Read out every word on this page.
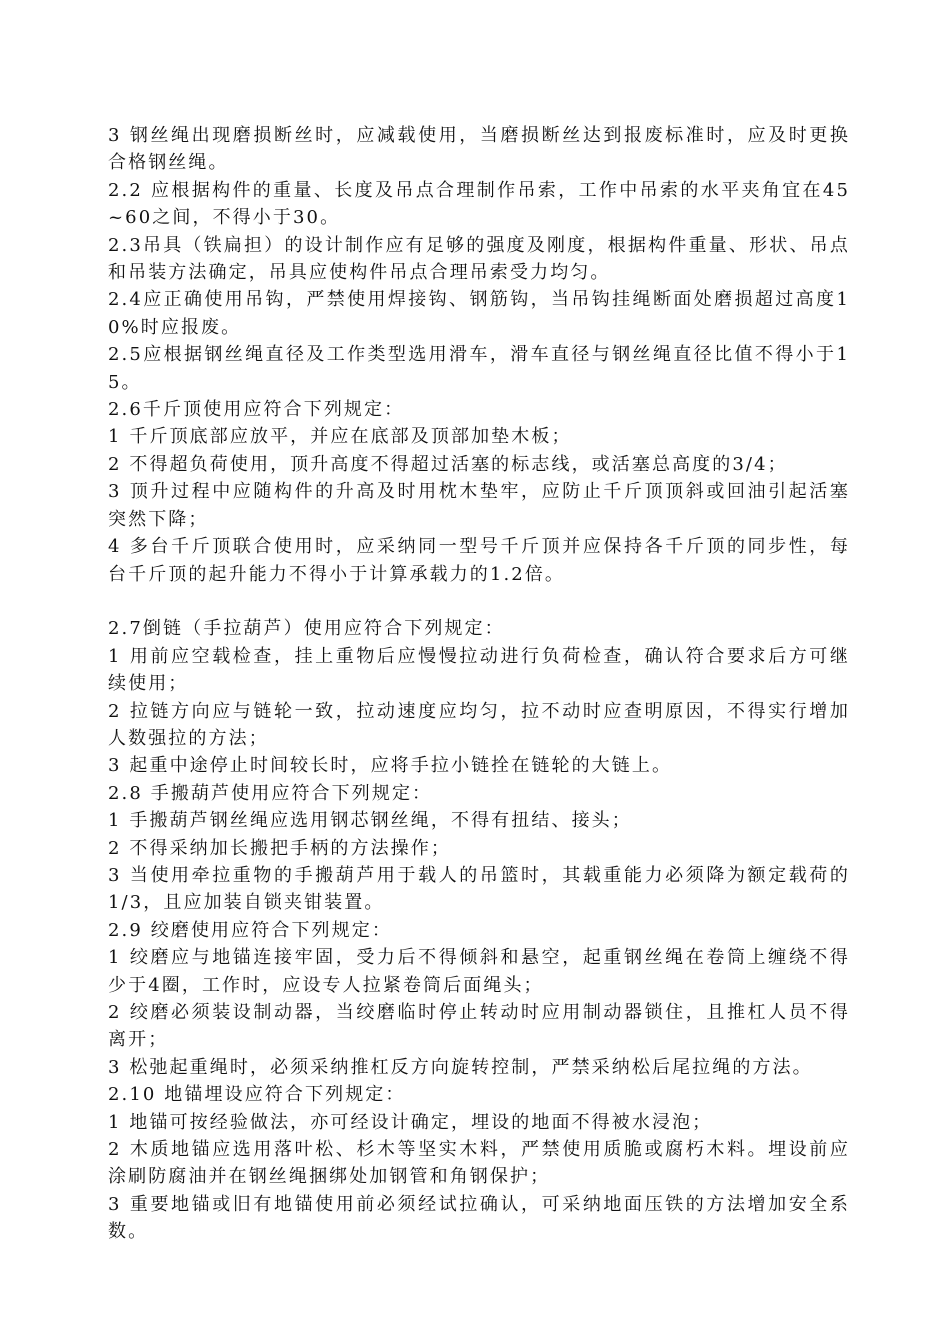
3 钢丝绳出现磨损断丝时，应减载使用，当磨损断丝达到报废标准时，应及时更换合格钢丝绳。

2.2 应根据构件的重量、长度及吊点合理制作吊索，工作中吊索的水平夹角宜在45~60之间，不得小于30。

2.3吊具（铁扁担）的设计制作应有足够的强度及刚度，根据构件重量、形状、吊点和吊装方法确定，吊具应使构件吊点合理吊索受力均匀。

2.4应正确使用吊钩，严禁使用焊接钩、钢筋钩，当吊钩挂绳断面处磨损超过高度10%时应报废。

2.5应根据钢丝绳直径及工作类型选用滑车，滑车直径与钢丝绳直径比值不得小于15。

2.6千斤顶使用应符合下列规定：

1 千斤顶底部应放平，并应在底部及顶部加垫木板；

2 不得超负荷使用，顶升高度不得超过活塞的标志线，或活塞总高度的3/4；

3 顶升过程中应随构件的升高及时用枕木垫牢，应防止千斤顶顶斜或回油引起活塞突然下降；

4 多台千斤顶联合使用时，应采纳同一型号千斤顶并应保持各千斤顶的同步性，每台千斤顶的起升能力不得小于计算承载力的1.2倍。

2.7倒链（手拉葫芦）使用应符合下列规定：

1 用前应空载检查，挂上重物后应慢慢拉动进行负荷检查，确认符合要求后方可继续使用；

2 拉链方向应与链轮一致，拉动速度应均匀，拉不动时应查明原因，不得实行增加人数强拉的方法；

3 起重中途停止时间较长时，应将手拉小链拴在链轮的大链上。

2.8 手搬葫芦使用应符合下列规定：

1 手搬葫芦钢丝绳应选用钢芯钢丝绳，不得有扭结、接头；

2 不得采纳加长搬把手柄的方法操作；

3 当使用牵拉重物的手搬葫芦用于载人的吊篮时，其载重能力必须降为额定载荷的1/3，且应加装自锁夹钳装置。

2.9 绞磨使用应符合下列规定：

1 绞磨应与地锚连接牢固，受力后不得倾斜和悬空，起重钢丝绳在卷筒上缠绕不得少于4圈，工作时，应设专人拉紧卷筒后面绳头；

2 绞磨必须装设制动器，当绞磨临时停止转动时应用制动器锁住，且推杠人员不得离开；

3 松弛起重绳时，必须采纳推杠反方向旋转控制，严禁采纳松后尾拉绳的方法。

2.10 地锚埋设应符合下列规定：

1 地锚可按经验做法，亦可经设计确定，埋设的地面不得被水浸泡；

2 木质地锚应选用落叶松、杉木等坚实木料，严禁使用质脆或腐朽木料。埋设前应涂刷防腐油并在钢丝绳捆绑处加钢管和角钢保护；

3 重要地锚或旧有地锚使用前必须经试拉确认，可采纳地面压铁的方法增加安全系数。
